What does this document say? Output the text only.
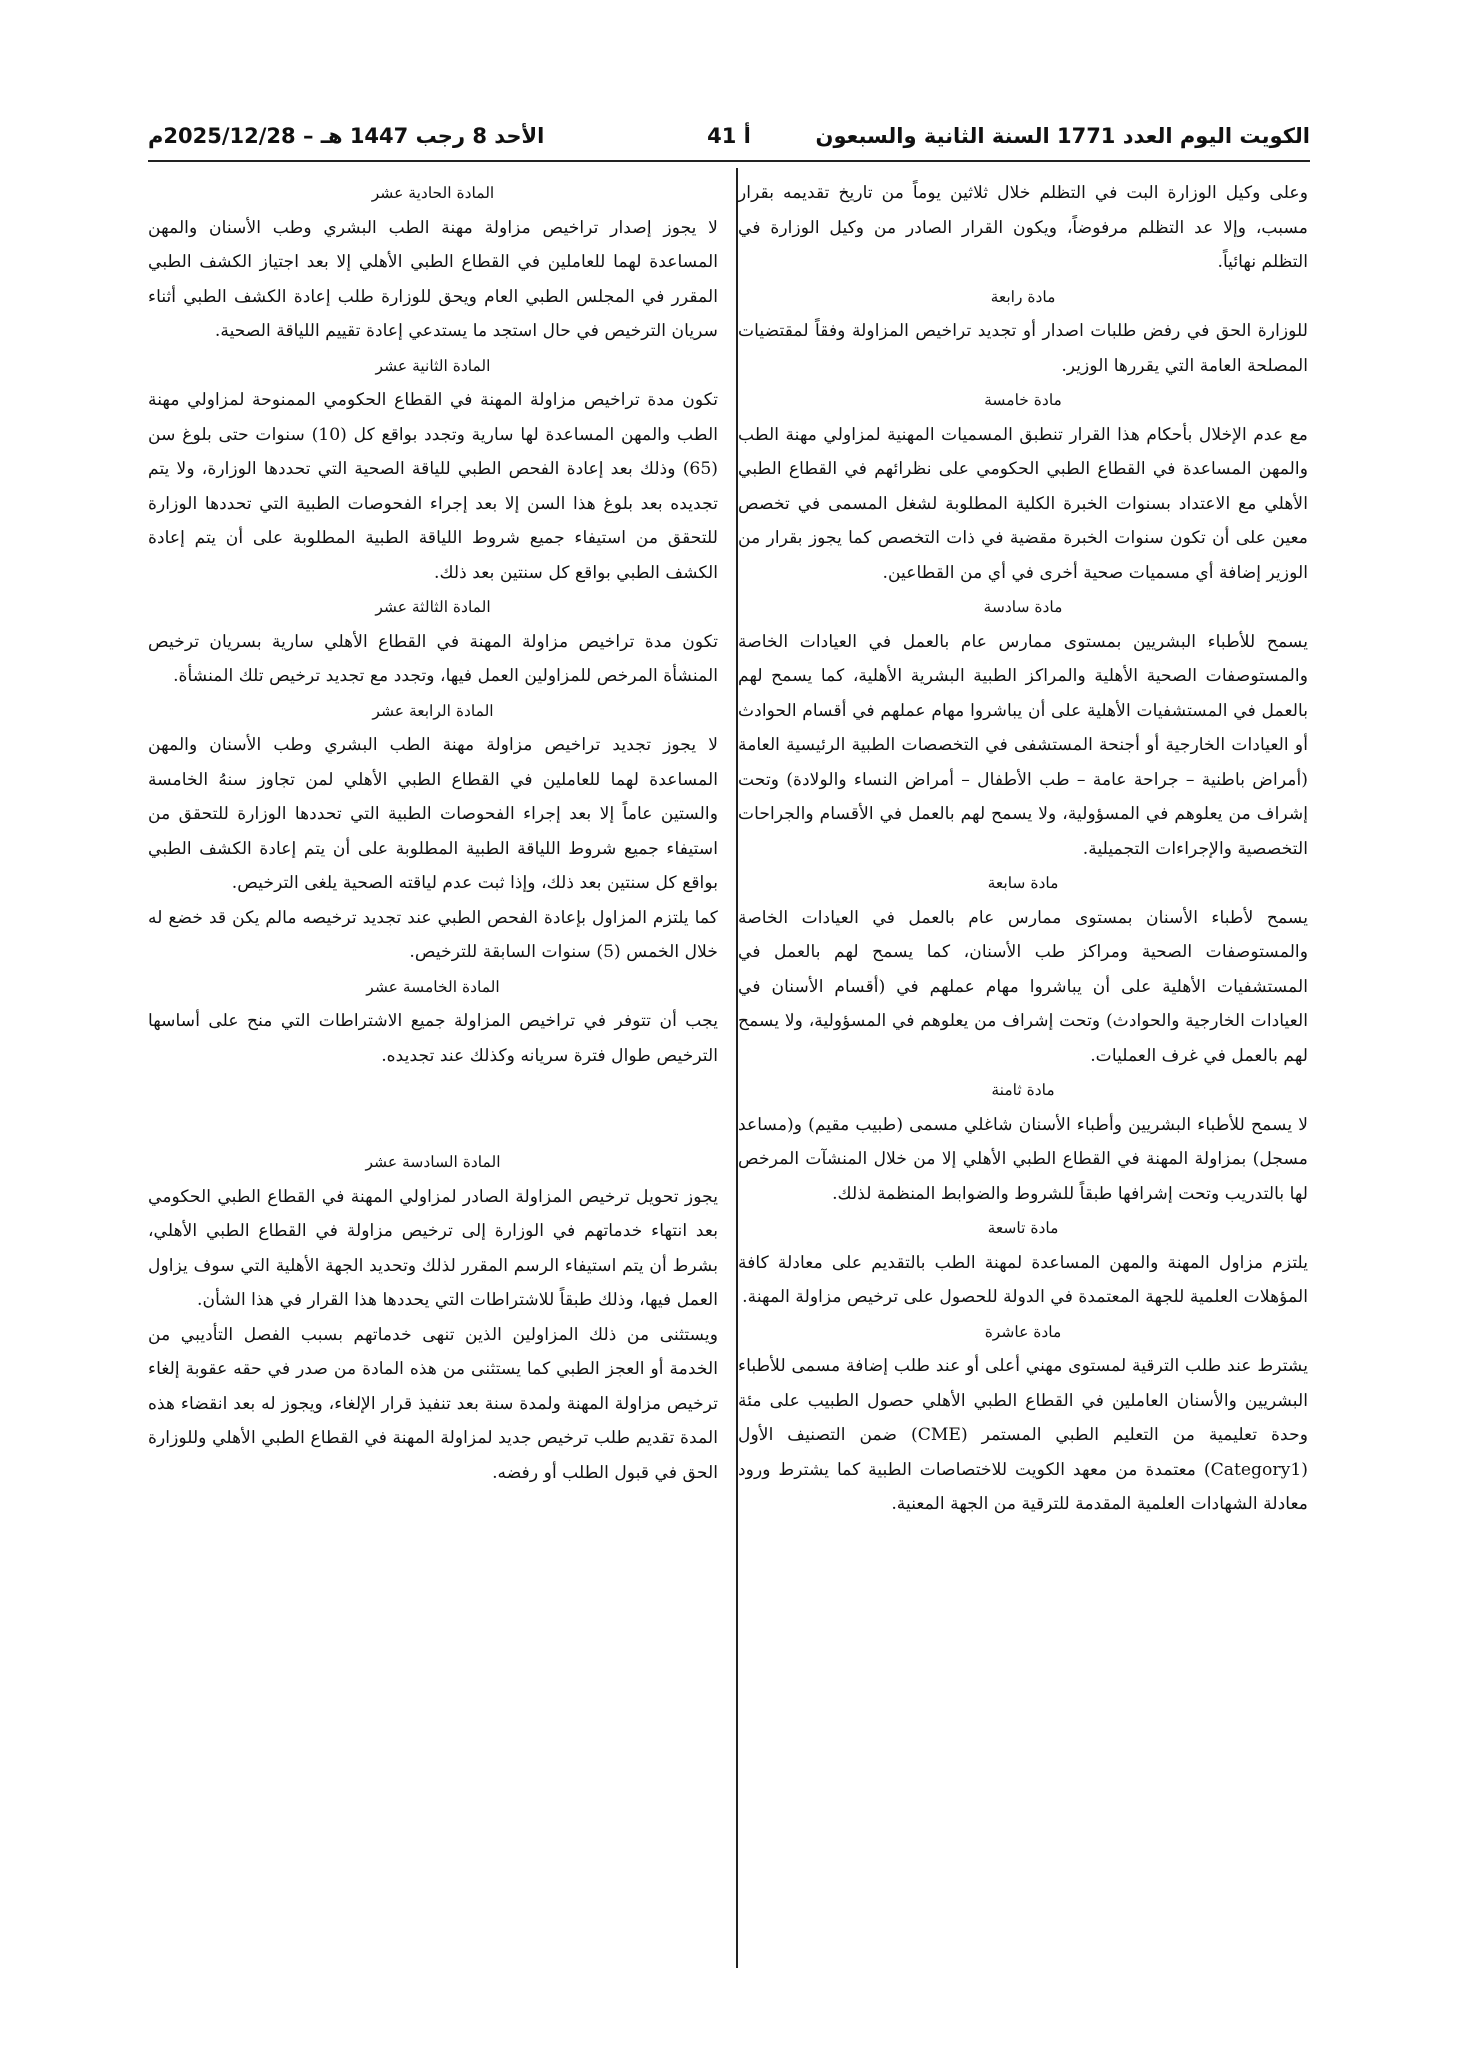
الكويت اليوم العدد 1771 السنة الثانية والسبعون
أ 41
الأحد 8 رجب 1447 هـ – 2025/12/28م

وعلى وكيل الوزارة البت في التظلم خلال ثلاثين يوماً من تاريخ تقديمه بقرار مسبب، وإلا عد التظلم مرفوضاً، ويكون القرار الصادر من وكيل الوزارة في التظلم نهائياً.

مادة رابعة

للوزارة الحق في رفض طلبات اصدار أو تجديد تراخيص المزاولة وفقاً لمقتضيات المصلحة العامة التي يقررها الوزير.

مادة خامسة

مع عدم الإخلال بأحكام هذا القرار تنطبق المسميات المهنية لمزاولي مهنة الطب والمهن المساعدة في القطاع الطبي الحكومي على نظرائهم في القطاع الطبي الأهلي مع الاعتداد بسنوات الخبرة الكلية المطلوبة لشغل المسمى في تخصص معين على أن تكون سنوات الخبرة مقضية في ذات التخصص كما يجوز بقرار من الوزير إضافة أي مسميات صحية أخرى في أي من القطاعين.

مادة سادسة

يسمح للأطباء البشريين بمستوى ممارس عام بالعمل في العيادات الخاصة والمستوصفات الصحية الأهلية والمراكز الطبية البشرية الأهلية، كما يسمح لهم بالعمل في المستشفيات الأهلية على أن يباشروا مهام عملهم في أقسام الحوادث أو العيادات الخارجية أو أجنحة المستشفى في التخصصات الطبية الرئيسية العامة (أمراض باطنية – جراحة عامة – طب الأطفال – أمراض النساء والولادة) وتحت إشراف من يعلوهم في المسؤولية، ولا يسمح لهم بالعمل في الأقسام والجراحات التخصصية والإجراءات التجميلية.

مادة سابعة

يسمح لأطباء الأسنان بمستوى ممارس عام بالعمل في العيادات الخاصة والمستوصفات الصحية ومراكز طب الأسنان، كما يسمح لهم بالعمل في المستشفيات الأهلية على أن يباشروا مهام عملهم في (أقسام الأسنان في العيادات الخارجية والحوادث) وتحت إشراف من يعلوهم في المسؤولية، ولا يسمح لهم بالعمل في غرف العمليات.

مادة ثامنة

لا يسمح للأطباء البشريين وأطباء الأسنان شاغلي مسمى (طبيب مقيم) و(مساعد مسجل) بمزاولة المهنة في القطاع الطبي الأهلي إلا من خلال المنشآت المرخص لها بالتدريب وتحت إشرافها طبقاً للشروط والضوابط المنظمة لذلك.

مادة تاسعة

يلتزم مزاول المهنة والمهن المساعدة لمهنة الطب بالتقديم على معادلة كافة المؤهلات العلمية للجهة المعتمدة في الدولة للحصول على ترخيص مزاولة المهنة.

مادة عاشرة

يشترط عند طلب الترقية لمستوى مهني أعلى أو عند طلب إضافة مسمى للأطباء البشريين والأسنان العاملين في القطاع الطبي الأهلي حصول الطبيب على مئة وحدة تعليمية من التعليم الطبي المستمر (CME) ضمن التصنيف الأول (Category1) معتمدة من معهد الكويت للاختصاصات الطبية كما يشترط ورود معادلة الشهادات العلمية المقدمة للترقية من الجهة المعنية.

المادة الحادية عشر

لا يجوز إصدار تراخيص مزاولة مهنة الطب البشري وطب الأسنان والمهن المساعدة لهما للعاملين في القطاع الطبي الأهلي إلا بعد اجتياز الكشف الطبي المقرر في المجلس الطبي العام ويحق للوزارة طلب إعادة الكشف الطبي أثناء سريان الترخيص في حال استجد ما يستدعي إعادة تقييم اللياقة الصحية.

المادة الثانية عشر

تكون مدة تراخيص مزاولة المهنة في القطاع الحكومي الممنوحة لمزاولي مهنة الطب والمهن المساعدة لها سارية وتجدد بواقع كل (10) سنوات حتى بلوغ سن (65) وذلك بعد إعادة الفحص الطبي للياقة الصحية التي تحددها الوزارة، ولا يتم تجديده بعد بلوغ هذا السن إلا بعد إجراء الفحوصات الطبية التي تحددها الوزارة للتحقق من استيفاء جميع شروط اللياقة الطبية المطلوبة على أن يتم إعادة الكشف الطبي بواقع كل سنتين بعد ذلك.

المادة الثالثة عشر

تكون مدة تراخيص مزاولة المهنة في القطاع الأهلي سارية بسريان ترخيص المنشأة المرخص للمزاولين العمل فيها، وتجدد مع تجديد ترخيص تلك المنشأة.

المادة الرابعة عشر

لا يجوز تجديد تراخيص مزاولة مهنة الطب البشري وطب الأسنان والمهن المساعدة لهما للعاملين في القطاع الطبي الأهلي لمن تجاوز سنهُ الخامسة والستين عاماً إلا بعد إجراء الفحوصات الطبية التي تحددها الوزارة للتحقق من استيفاء جميع شروط اللياقة الطبية المطلوبة على أن يتم إعادة الكشف الطبي بواقع كل سنتين بعد ذلك، وإذا ثبت عدم لياقته الصحية يلغى الترخيص.

كما يلتزم المزاول بإعادة الفحص الطبي عند تجديد ترخيصه مالم يكن قد خضع له خلال الخمس (5) سنوات السابقة للترخيص.

المادة الخامسة عشر

يجب أن تتوفر في تراخيص المزاولة جميع الاشتراطات التي منح على أساسها الترخيص طوال فترة سريانه وكذلك عند تجديده.

المادة السادسة عشر

يجوز تحويل ترخيص المزاولة الصادر لمزاولي المهنة في القطاع الطبي الحكومي بعد انتهاء خدماتهم في الوزارة إلى ترخيص مزاولة في القطاع الطبي الأهلي، بشرط أن يتم استيفاء الرسم المقرر لذلك وتحديد الجهة الأهلية التي سوف يزاول العمل فيها، وذلك طبقاً للاشتراطات التي يحددها هذا القرار في هذا الشأن.

ويستثنى من ذلك المزاولين الذين تنهى خدماتهم بسبب الفصل التأديبي من الخدمة أو العجز الطبي كما يستثنى من هذه المادة من صدر في حقه عقوبة إلغاء ترخيص مزاولة المهنة ولمدة سنة بعد تنفيذ قرار الإلغاء، ويجوز له بعد انقضاء هذه المدة تقديم طلب ترخيص جديد لمزاولة المهنة في القطاع الطبي الأهلي وللوزارة الحق في قبول الطلب أو رفضه.
